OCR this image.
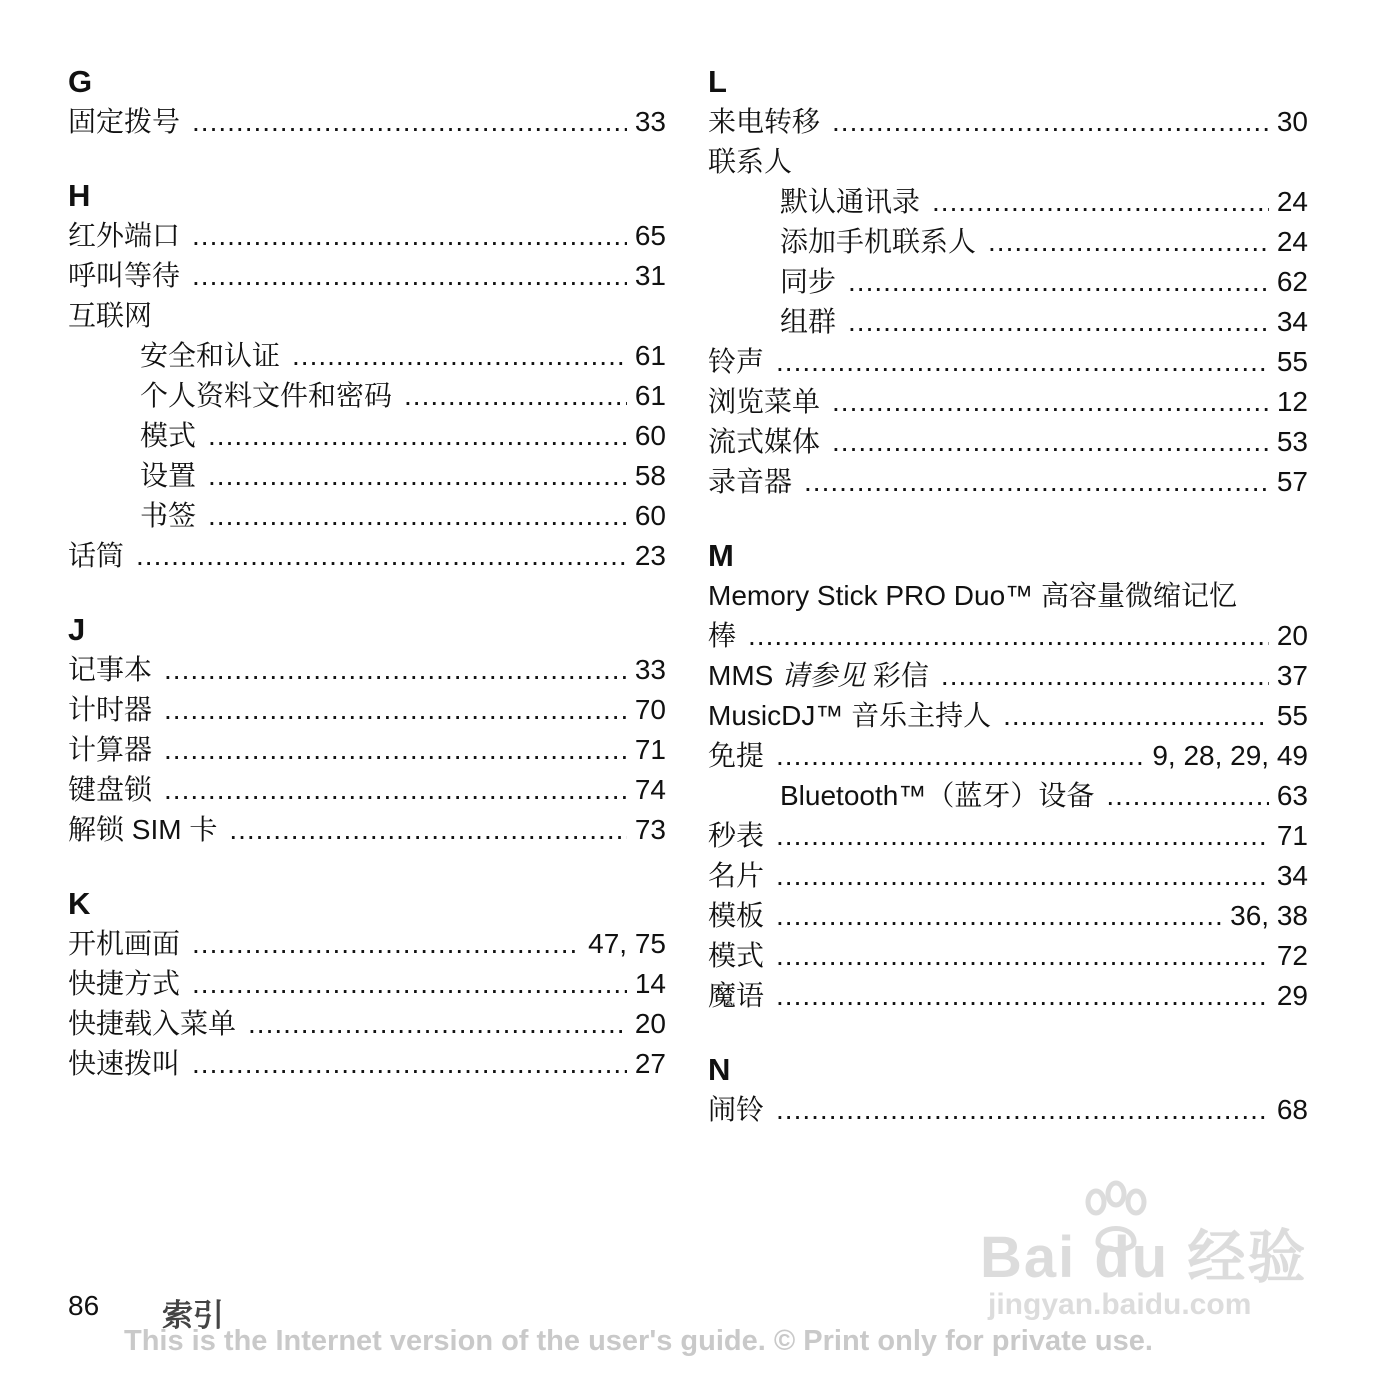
G
固定拨号 .....	33
H
红外端口 .....	65
呼叫等待 .....	31
互联网
安全和认证 .....	61
个人资料文件和密码 .....	61
模式 .....	60
设置 .....	58
书签 .....	60
话筒 .....	23
J
记事本 .....	33
计时器 .....	70
计算器 .....	71
键盘锁 .....	74
解锁 SIM 卡 .....	73
K
开机画面 .....	47, 75
快捷方式 .....	14
快捷载入菜单 .....	20
快速拨叫 .....	27
L
来电转移 .....	30
联系人
默认通讯录 .....	24
添加手机联系人 .....	24
同步 .....	62
组群 .....	34
铃声 .....	55
浏览菜单 .....	12
流式媒体 .....	53
录音器 .....	57
M
Memory Stick PRO Duo™ 高容量微缩记忆
棒 .....	20
MMS 请参见 彩信 .....	37
MusicDJ™ 音乐主持人 .....	55
免提 .....	9, 28, 29, 49
Bluetooth™（蓝牙）设备 .....	63
秒表 .....	71
名片 .....	34
模板 .....	36, 38
模式 .....	72
魔语 .....	29
N
闹铃 .....	68
86 索引
This is the Internet version of the user's guide. © Print only for private use.
Bai du 经验
jingyan.baidu.com
